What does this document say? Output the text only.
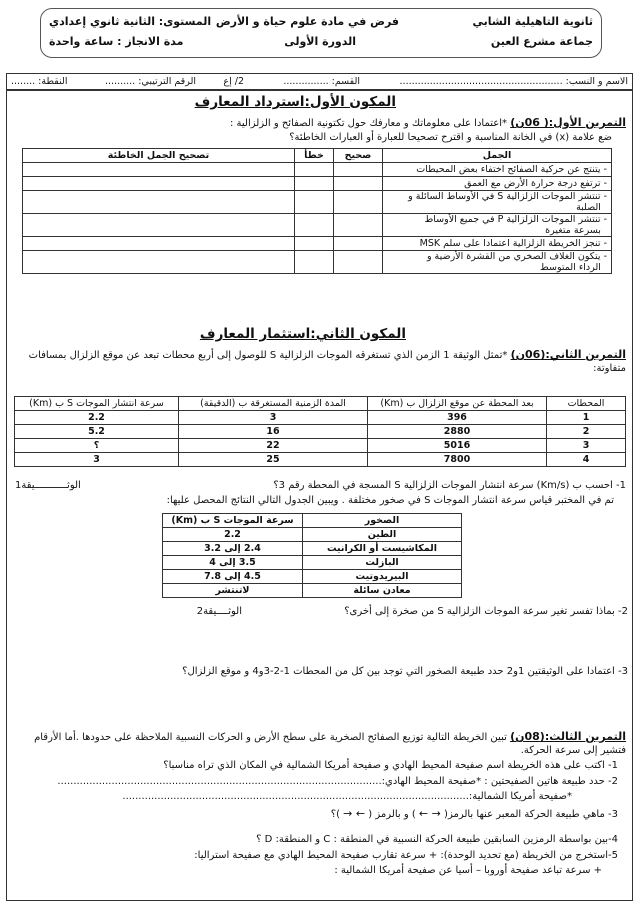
ثانوية التاهيلية الشابي
جماعة مشرع العين
فرض في مادة علوم حياة و الأرض
الدورة الأولى
المستوى: الثانية ثانوي إعدادي
مدة الانجاز : ساعة واحدة
الاسم و النسب: ......................................................
القسم: ...............
2/ إع
الرقم الترتيبي: ..........
النقطة: ........
المكون الأول:استرداد المعارف
التمرين الأول:( 06ن) *اعتمادا على معلوماتك و معارفك حول تكتونية الصفائح و الزلزالية :
ضع علامة (x) في الخانة المناسبة و اقترح تصحيحا للعبارة أو العبارات الخاطئة؟
الجمل	صحيح	خطأ	تصحيح الجمل الخاطئة
- يتنتج عن حركية الصفائح اختفاء بعض المحيطات			
- ترتفع درجة حرارة الأرض مع العمق			
- تنتشر الموجات الزلزالية S في الأوساط السائلة و
الصلبة			
- تنتشر الموجات الزلزالية P في جميع الأوساط
بسرعة متغيرة			
- تنجز الخريطة الزلزالية اعتمادا على سلم MSK			
- يتكون الغلاف الصخري من القشرة الأرضية و
الرداء المتوسط			
المكون الثاني:استثمار المعارف
التمرين الثاني:(06ن) *تمثل الوثيقة 1 الزمن الذي تستغرقه الموجات الزلزالية S للوصول إلى أربع محطات تبعد عن موقع الزلزال بمسافات
متفاوتة:
المحطات	بعد المحطة عن موقع الزلزال ب (Km)	المدة الزمنية المستغرقة ب (الدقيقة)	سرعة انتشار الموجات S ب (Km)
1	396	3	2.2
2	2880	16	5.2
3	5016	22	؟
4	7800	25	3
1- احسب ب (Km/s) سرعة انتشار الموجات الزلزالية S المسجة في المحطة رقم 3؟
الوثـــــــــــيقة1
تم في المختبر قياس سرعة انتشار الموجات S في صخور مختلفة . ويبين الجدول التالي النتائج المحصل عليها:
الصخور	سرعة الموجات S ب (Km)
الطين	2.2
المكاشيست أو الكرانيت	2.4 إلى 3.2
البازلت	3.5 إلى 4
البيريدوتيت	4.5 إلى 7.8
معادن سائلة	لاتنتشر
2- بماذا تفسر تغير سرعة الموجات الزلزالية S من صخرة إلى أخرى؟
الوثــــيقة2
3- اعتمادا على الوثيقتين 1و2 حدد طبيعة الصخور التي توجد بين كل من المحطات 1-2-3و4 و موقع الزلزال؟
التمرين الثالث:(08ن) تبين الخريطة التالية توزيع الصفائح الصخرية على سطح الأرض و الحركات النسبية الملاحظة على حدودها .أما الأرقام
فتشير إلى سرعة الحركة.
1- اكتب على هذه الخريطة اسم صفيحة المحيط الهادي و صفيحة أمريكا الشمالية في المكان الذي تراه مناسبا؟
2- حدد طبيعة هاتين الصفيحتين : *صفيحة المحيط الهادي:......................................................................................................
*صفيحة أمريكا الشمالية:.............................................................................................................
3- ماهي طبيعة الحركة المعبر عنها بالرمز( → ← ) و بالرمز ( ← → )؟
4-بين بواسطة الرمزين السابقين طبيعة الحركة النسبية في المنطقة : C و المنطقة: D ؟
5-استخرج من الخريطة (مع تحديد الوحدة): + سرعة تقارب صفيحة المحيط الهادي مع صفيحة استراليا:
+ سرعة تباعد صفيحة أوروبا – أسيا عن صفيحة أمريكا الشمالية :
